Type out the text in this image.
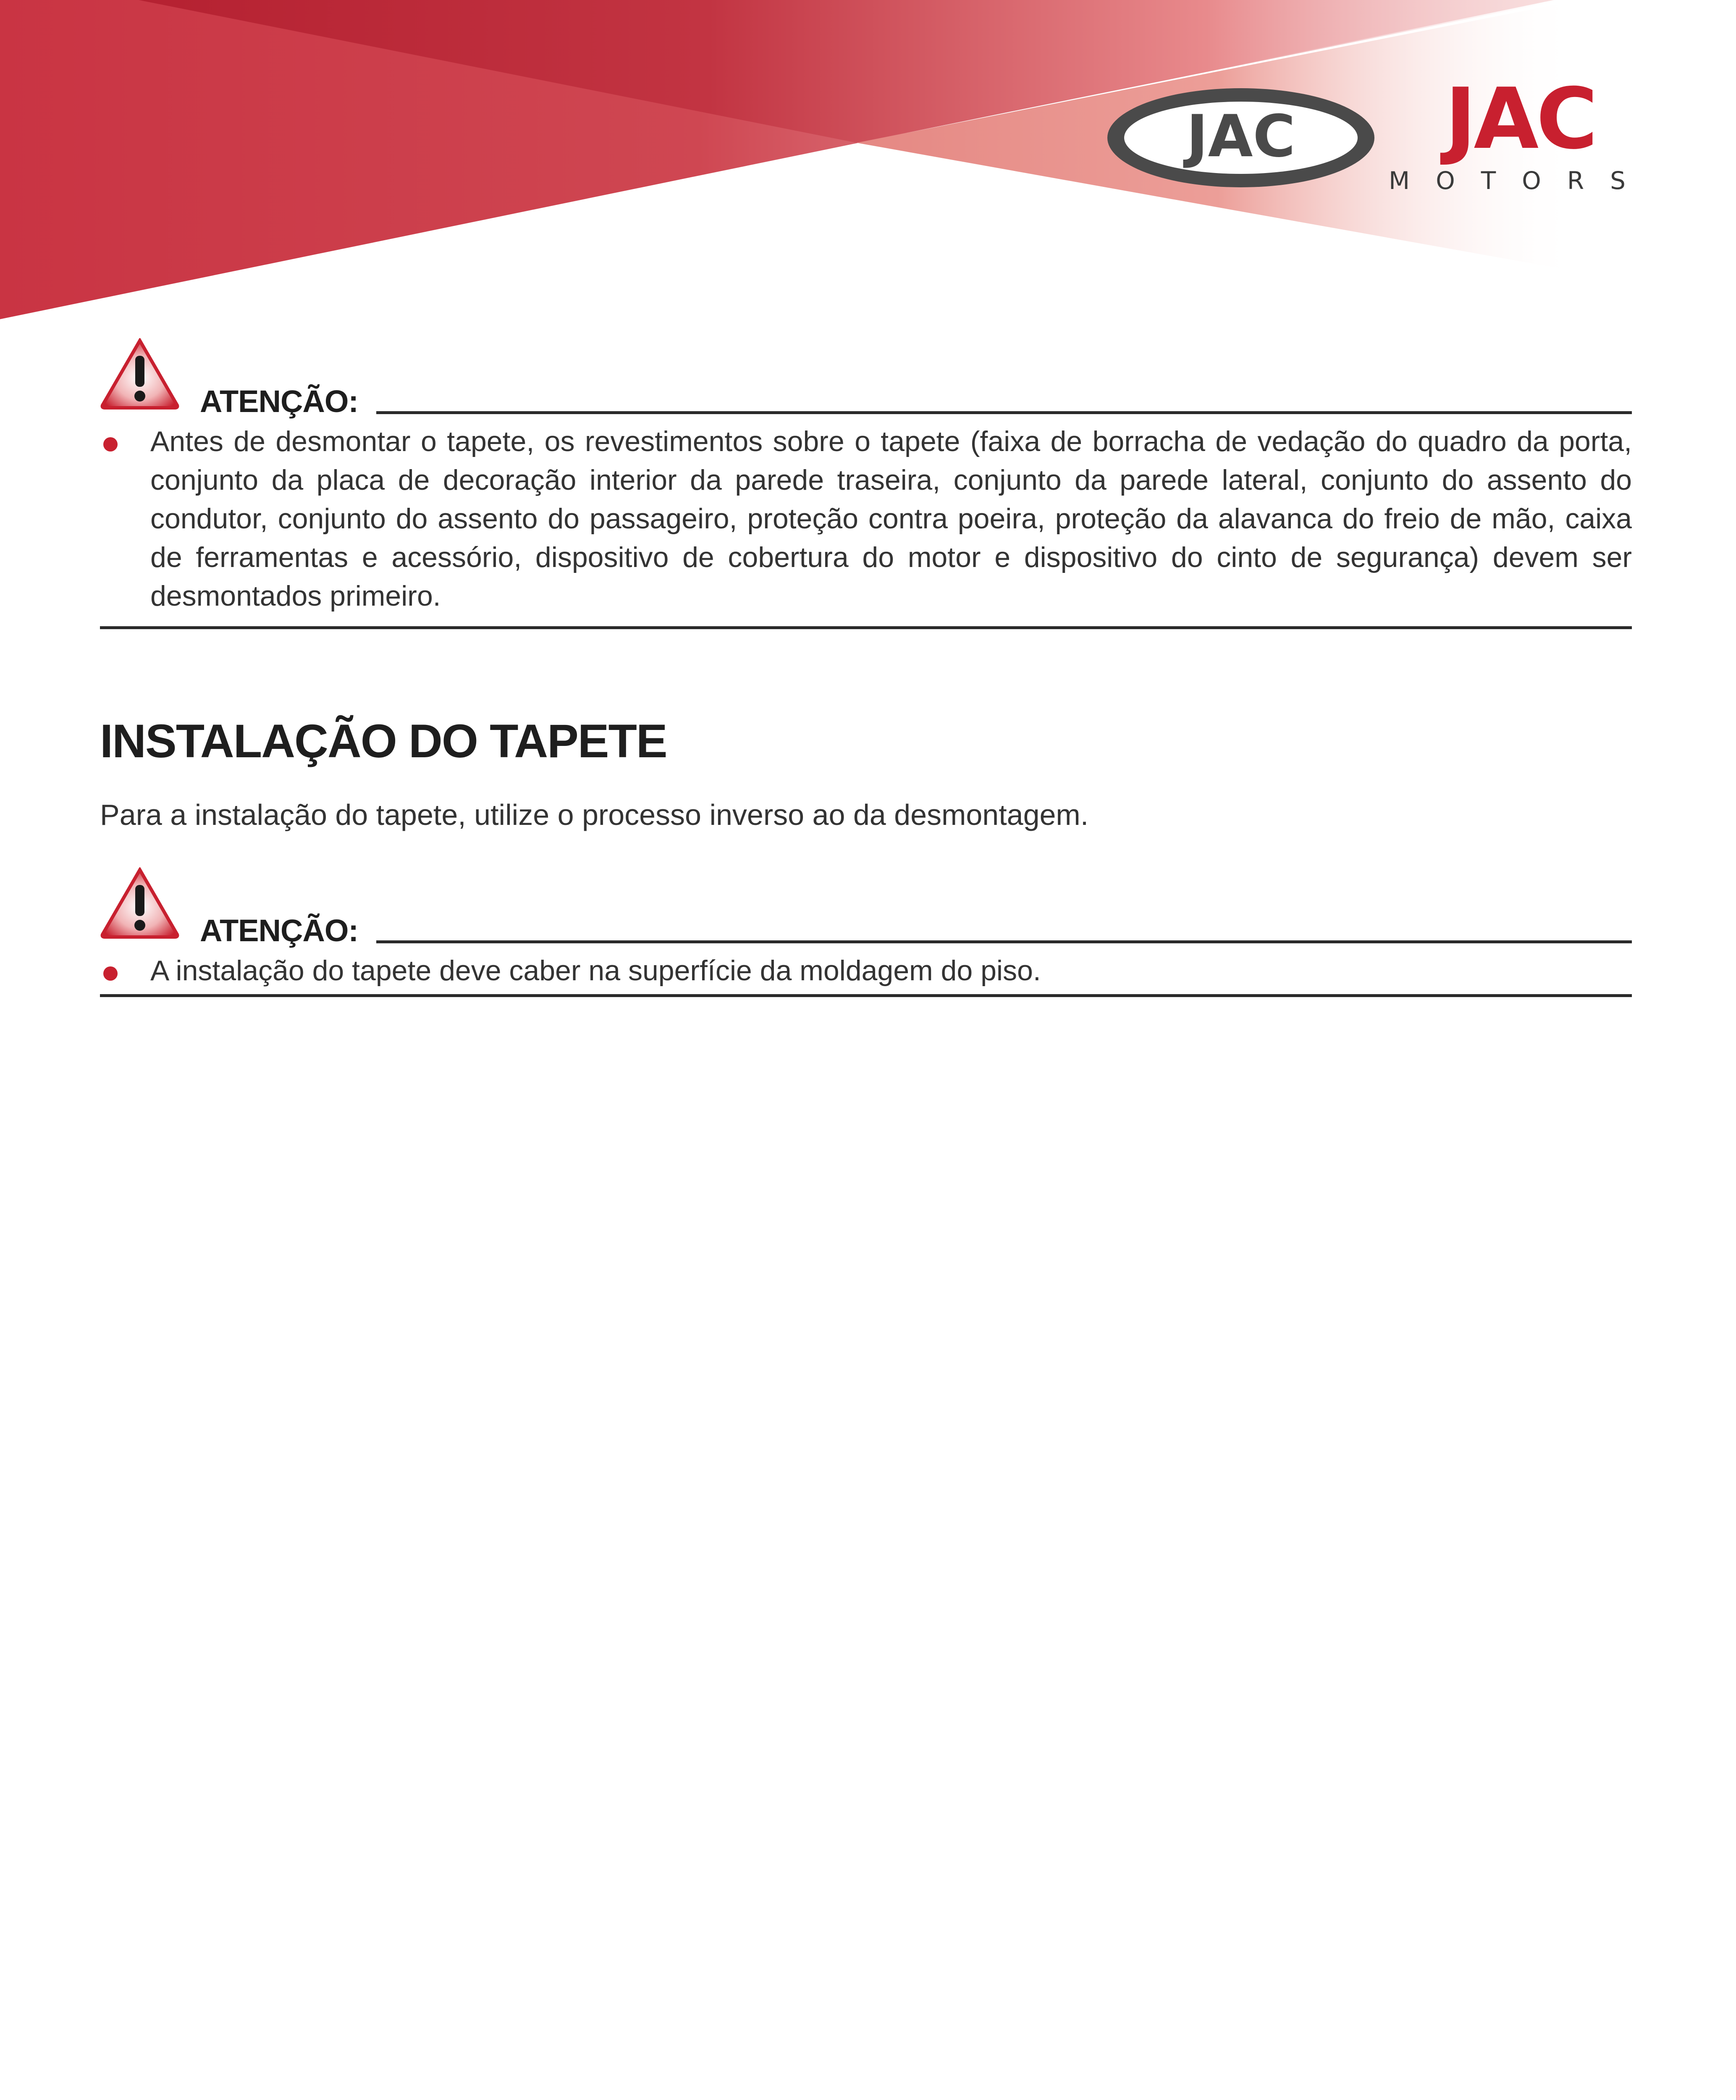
JAC JAC
MOTORS
ATENÇÃO:
Antes de desmontar o tapete, os revestimentos sobre o tapete (faixa de borracha de vedação do quadro da porta, conjunto da placa de decoração interior da parede traseira, conjunto da parede lateral, conjunto do assento do condutor, conjunto do assento do passageiro, proteção contra poeira, proteção da alavanca do freio de mão, caixa de ferramentas e acessório, dispositivo de cobertura do motor e dispositivo do cinto de segurança) devem ser desmontados primeiro.
INSTALAÇÃO DO TAPETE
Para a instalação do tapete, utilize o processo inverso ao da desmontagem.
ATENÇÃO:
A instalação do tapete deve caber na superfície da moldagem do piso.
